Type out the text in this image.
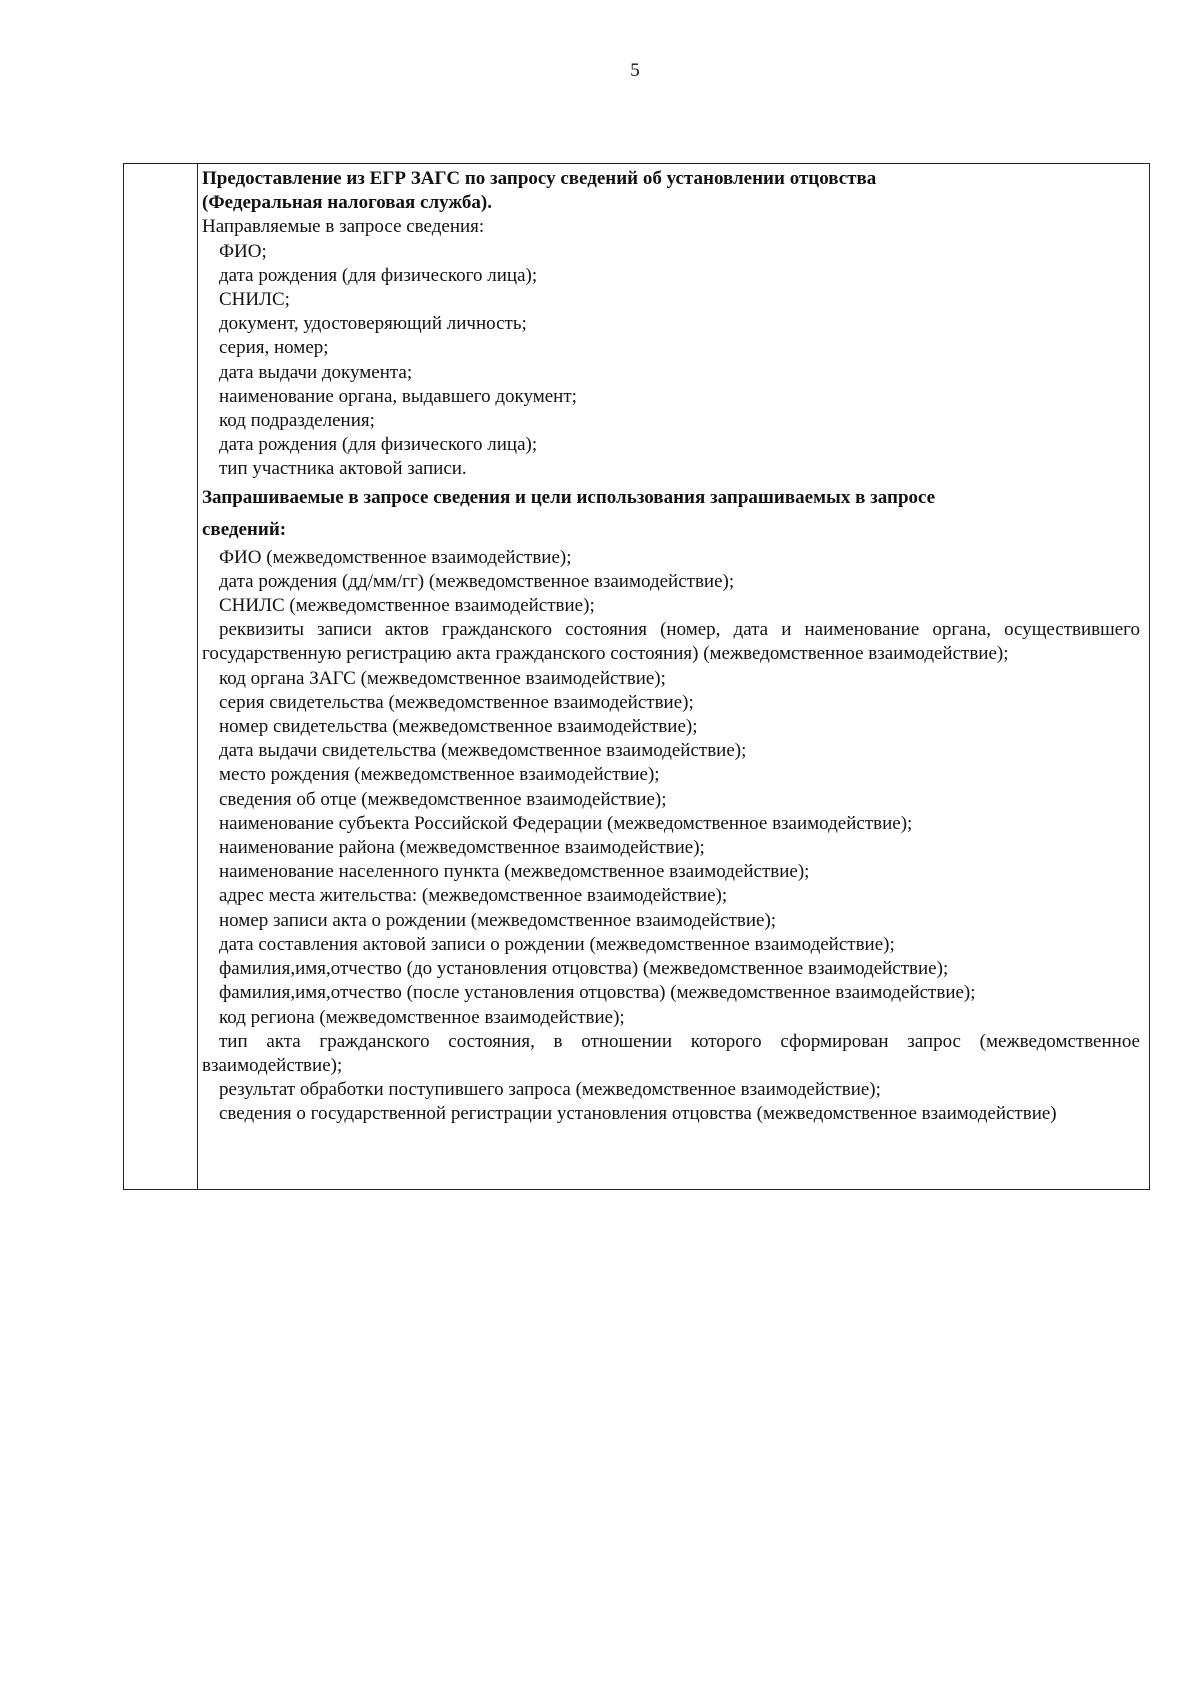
5
Предоставление из ЕГР ЗАГС по запросу сведений об установлении отцовства
(Федеральная налоговая служба).
Направляемые в запросе сведения:
ФИО;
дата рождения (для физического лица);
СНИЛС;
документ, удостоверяющий личность;
серия, номер;
дата выдачи документа;
наименование органа, выдавшего документ;
код подразделения;
дата рождения (для физического лица);
тип участника актовой записи.
Запрашиваемые в запросе сведения и цели использования запрашиваемых в запросе
сведений:
ФИО (межведомственное взаимодействие);
дата рождения (дд/мм/гг) (межведомственное взаимодействие);
СНИЛС (межведомственное взаимодействие);
реквизиты записи актов гражданского состояния (номер, дата и наименование органа, осуществившего государственную регистрацию акта гражданского состояния) (межведомственное взаимодействие);
код органа ЗАГС (межведомственное взаимодействие);
серия свидетельства (межведомственное взаимодействие);
номер свидетельства (межведомственное взаимодействие);
дата выдачи свидетельства (межведомственное взаимодействие);
место рождения (межведомственное взаимодействие);
сведения об отце (межведомственное взаимодействие);
наименование субъекта Российской Федерации (межведомственное взаимодействие);
наименование района (межведомственное взаимодействие);
наименование населенного пункта (межведомственное взаимодействие);
адрес места жительства: (межведомственное взаимодействие);
номер записи акта о рождении (межведомственное взаимодействие);
дата составления актовой записи о рождении (межведомственное взаимодействие);
фамилия,имя,отчество (до установления отцовства) (межведомственное взаимодействие);
фамилия,имя,отчество (после установления отцовства) (межведомственное взаимодействие);
код региона (межведомственное взаимодействие);
тип акта гражданского состояния, в отношении которого сформирован запрос (межведомственное взаимодействие);
результат обработки поступившего запроса (межведомственное взаимодействие);
сведения о государственной регистрации установления отцовства (межведомственное взаимодействие)
